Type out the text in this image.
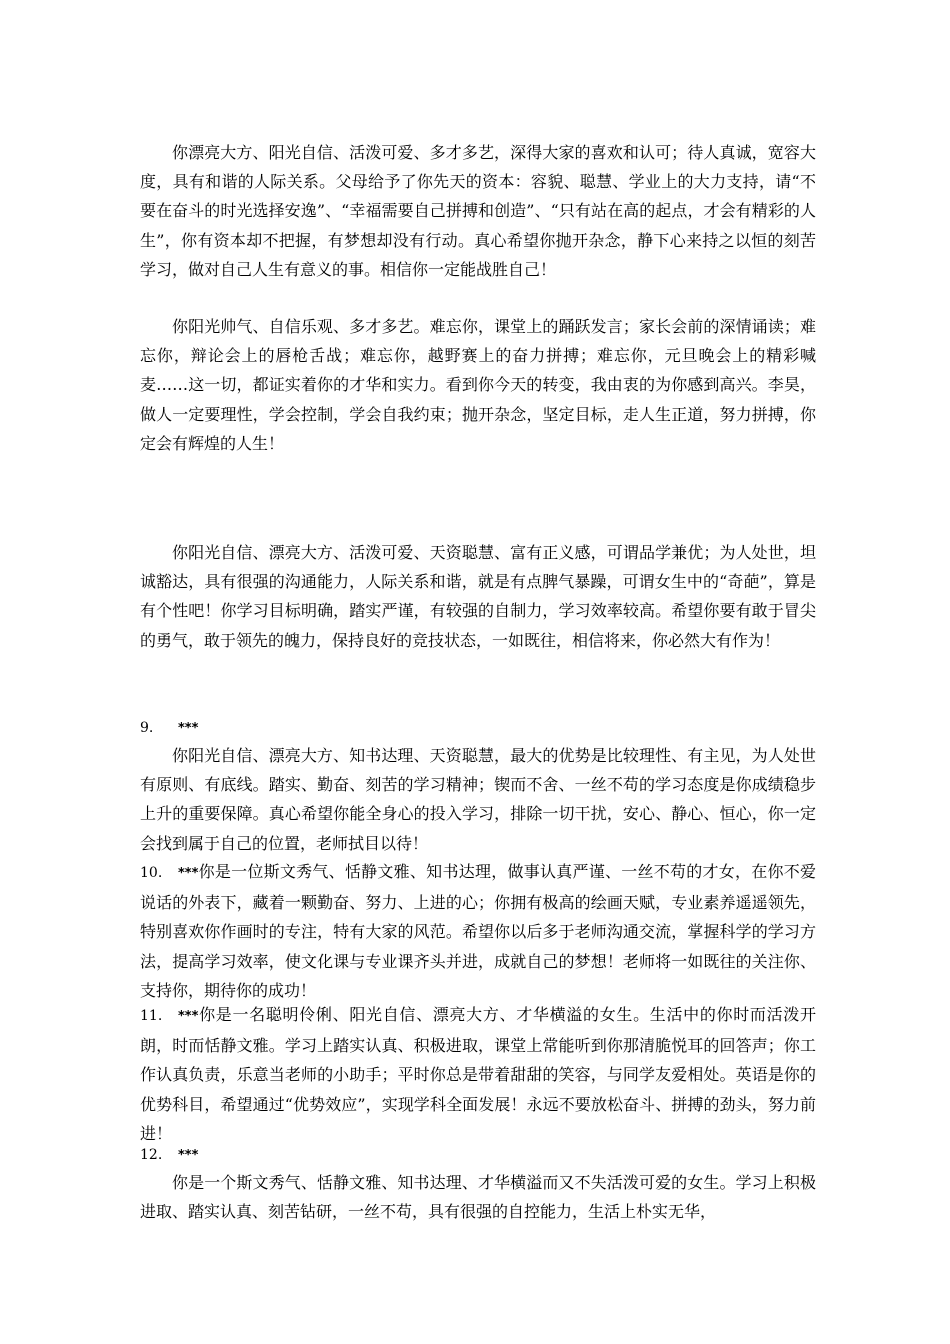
你漂亮大方、阳光自信、活泼可爱、多才多艺，深得大家的喜欢和认可；待人真诚，宽容大度，具有和谐的人际关系。父母给予了你先天的资本：容貌、聪慧、学业上的大力支持，请“不要在奋斗的时光选择安逸”、“幸福需要自己拼搏和创造”、“只有站在高的起点，才会有精彩的人生”，你有资本却不把握，有梦想却没有行动。真心希望你抛开杂念，静下心来持之以恒的刻苦学习，做对自己人生有意义的事。相信你一定能战胜自己！

你阳光帅气、自信乐观、多才多艺。难忘你，课堂上的踊跃发言；家长会前的深情诵读；难忘你，辩论会上的唇枪舌战；难忘你，越野赛上的奋力拼搏；难忘你，元旦晚会上的精彩喊麦……这一切，都证实着你的才华和实力。看到你今天的转变，我由衷的为你感到高兴。李昊，做人一定要理性，学会控制，学会自我约束；抛开杂念，坚定目标，走人生正道，努力拼搏，你定会有辉煌的人生！

你阳光自信、漂亮大方、活泼可爱、天资聪慧、富有正义感，可谓品学兼优；为人处世，坦诚豁达，具有很强的沟通能力，人际关系和谐，就是有点脾气暴躁，可谓女生中的“奇葩”，算是有个性吧！你学习目标明确，踏实严谨，有较强的自制力，学习效率较高。希望你要有敢于冒尖的勇气，敢于领先的魄力，保持良好的竞技状态，一如既往，相信将来，你必然大有作为！

9. ***

你阳光自信、漂亮大方、知书达理、天资聪慧，最大的优势是比较理性、有主见，为人处世有原则、有底线。踏实、勤奋、刻苦的学习精神；锲而不舍、一丝不苟的学习态度是你成绩稳步上升的重要保障。真心希望你能全身心的投入学习，排除一切干扰，安心、静心、恒心，你一定会找到属于自己的位置，老师拭目以待！

10. ***你是一位斯文秀气、恬静文雅、知书达理，做事认真严谨、一丝不苟的才女，在你不爱说话的外表下，藏着一颗勤奋、努力、上进的心；你拥有极高的绘画天赋，专业素养遥遥领先，特别喜欢你作画时的专注，特有大家的风范。希望你以后多于老师沟通交流，掌握科学的学习方法，提高学习效率，使文化课与专业课齐头并进，成就自己的梦想！老师将一如既往的关注你、支持你，期待你的成功！

11. ***你是一名聪明伶俐、阳光自信、漂亮大方、才华横溢的女生。生活中的你时而活泼开朗，时而恬静文雅。学习上踏实认真、积极进取，课堂上常能听到你那清脆悦耳的回答声；你工作认真负责，乐意当老师的小助手；平时你总是带着甜甜的笑容，与同学友爱相处。英语是你的优势科目，希望通过“优势效应”，实现学科全面发展！永远不要放松奋斗、拼搏的劲头，努力前进！

12. ***

你是一个斯文秀气、恬静文雅、知书达理、才华横溢而又不失活泼可爱的女生。学习上积极进取、踏实认真、刻苦钻研，一丝不苟，具有很强的自控能力，生活上朴实无华，
